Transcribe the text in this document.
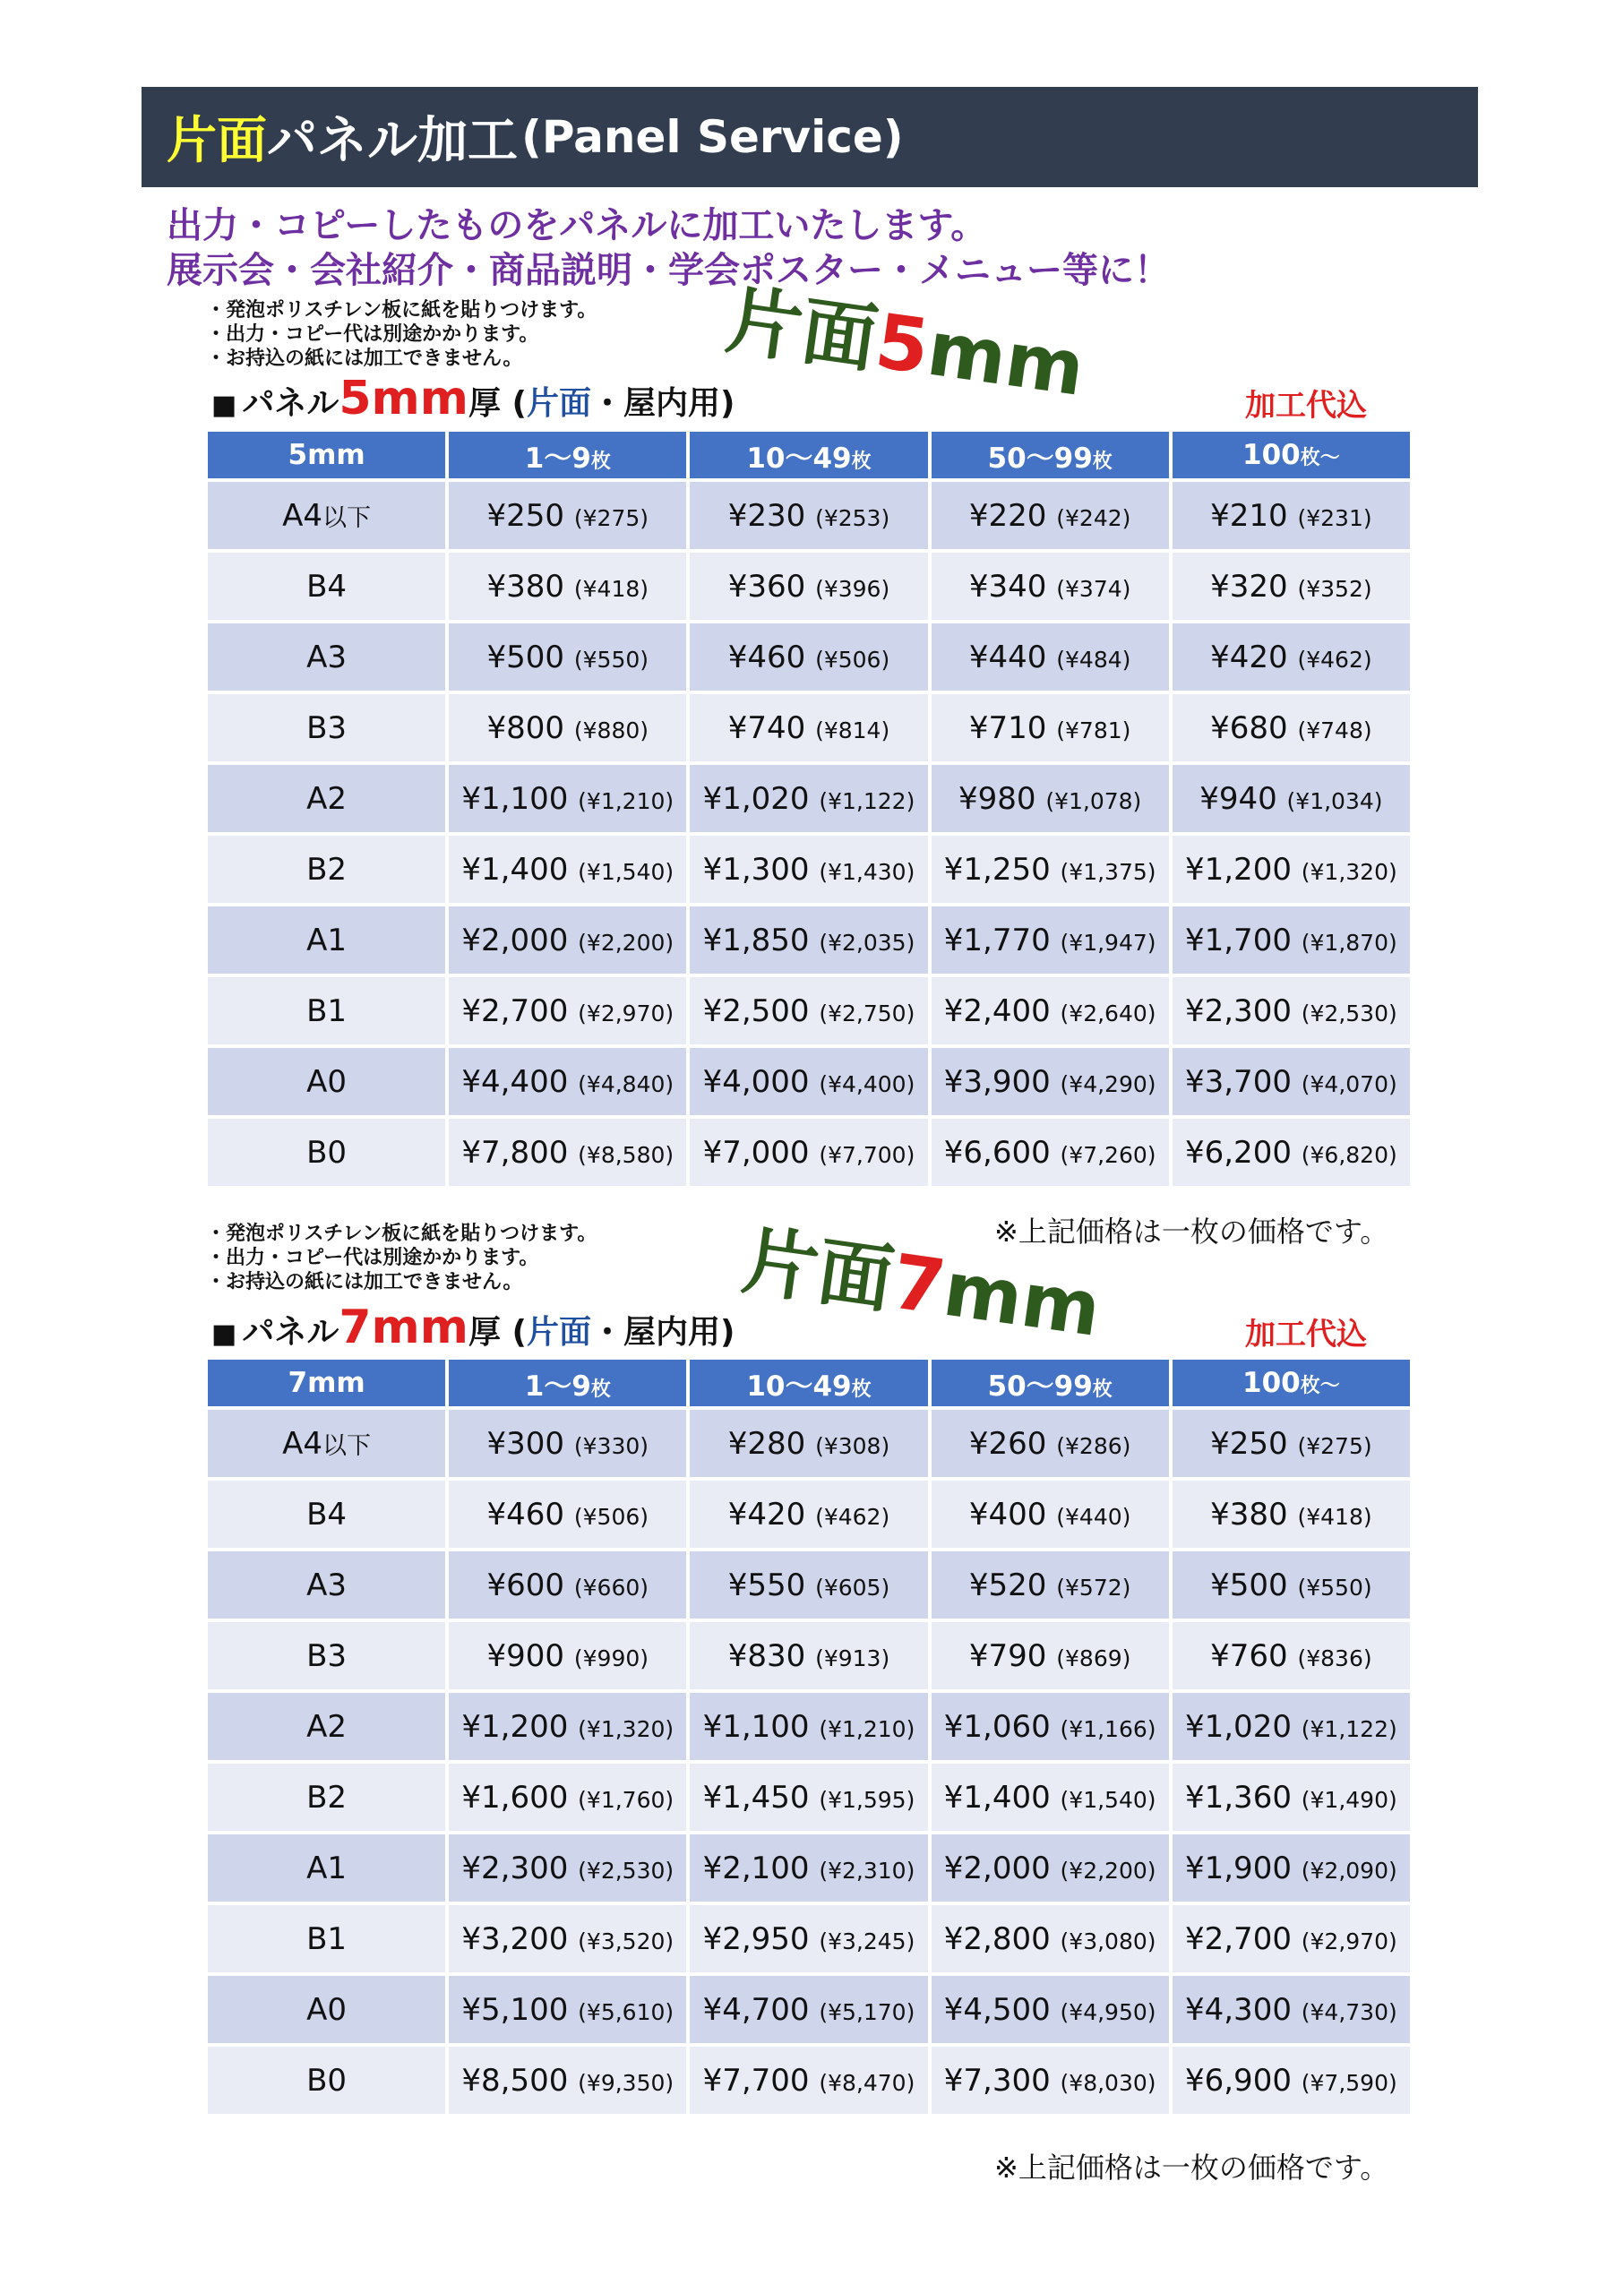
片面 パネル加工 (Panel Service)
出力・コピーしたものをパネルに加工いたします。
展示会・会社紹介・商品説明・学会ポスター・メニュー等に！
・発泡ポリスチレン板に紙を貼りつけます。
・出力・コピー代は別途かかります。
・お持込の紙には加工できません。	片面5mm
■ パネル5mm厚 (片面・屋内用)	加工代込
5mm	1〜9枚	10〜49枚	50〜99枚	100枚〜
A4以下	¥250 (¥275)	¥230 (¥253)	¥220 (¥242)	¥210 (¥231)
B4	¥380 (¥418)	¥360 (¥396)	¥340 (¥374)	¥320 (¥352)
A3	¥500 (¥550)	¥460 (¥506)	¥440 (¥484)	¥420 (¥462)
B3	¥800 (¥880)	¥740 (¥814)	¥710 (¥781)	¥680 (¥748)
A2	¥1,100 (¥1,210)	¥1,020 (¥1,122)	¥980 (¥1,078)	¥940 (¥1,034)
B2	¥1,400 (¥1,540)	¥1,300 (¥1,430)	¥1,250 (¥1,375)	¥1,200 (¥1,320)
A1	¥2,000 (¥2,200)	¥1,850 (¥2,035)	¥1,770 (¥1,947)	¥1,700 (¥1,870)
B1	¥2,700 (¥2,970)	¥2,500 (¥2,750)	¥2,400 (¥2,640)	¥2,300 (¥2,530)
A0	¥4,400 (¥4,840)	¥4,000 (¥4,400)	¥3,900 (¥4,290)	¥3,700 (¥4,070)
B0	¥7,800 (¥8,580)	¥7,000 (¥7,700)	¥6,600 (¥7,260)	¥6,200 (¥6,820)
※上記価格は一枚の価格です。
・発泡ポリスチレン板に紙を貼りつけます。
・出力・コピー代は別途かかります。
・お持込の紙には加工できません。	片面7mm
■ パネル7mm厚 (片面・屋内用)	加工代込
7mm	1〜9枚	10〜49枚	50〜99枚	100枚〜
A4以下	¥300 (¥330)	¥280 (¥308)	¥260 (¥286)	¥250 (¥275)
B4	¥460 (¥506)	¥420 (¥462)	¥400 (¥440)	¥380 (¥418)
A3	¥600 (¥660)	¥550 (¥605)	¥520 (¥572)	¥500 (¥550)
B3	¥900 (¥990)	¥830 (¥913)	¥790 (¥869)	¥760 (¥836)
A2	¥1,200 (¥1,320)	¥1,100 (¥1,210)	¥1,060 (¥1,166)	¥1,020 (¥1,122)
B2	¥1,600 (¥1,760)	¥1,450 (¥1,595)	¥1,400 (¥1,540)	¥1,360 (¥1,490)
A1	¥2,300 (¥2,530)	¥2,100 (¥2,310)	¥2,000 (¥2,200)	¥1,900 (¥2,090)
B1	¥3,200 (¥3,520)	¥2,950 (¥3,245)	¥2,800 (¥3,080)	¥2,700 (¥2,970)
A0	¥5,100 (¥5,610)	¥4,700 (¥5,170)	¥4,500 (¥4,950)	¥4,300 (¥4,730)
B0	¥8,500 (¥9,350)	¥7,700 (¥8,470)	¥7,300 (¥8,030)	¥6,900 (¥7,590)
※上記価格は一枚の価格です。
